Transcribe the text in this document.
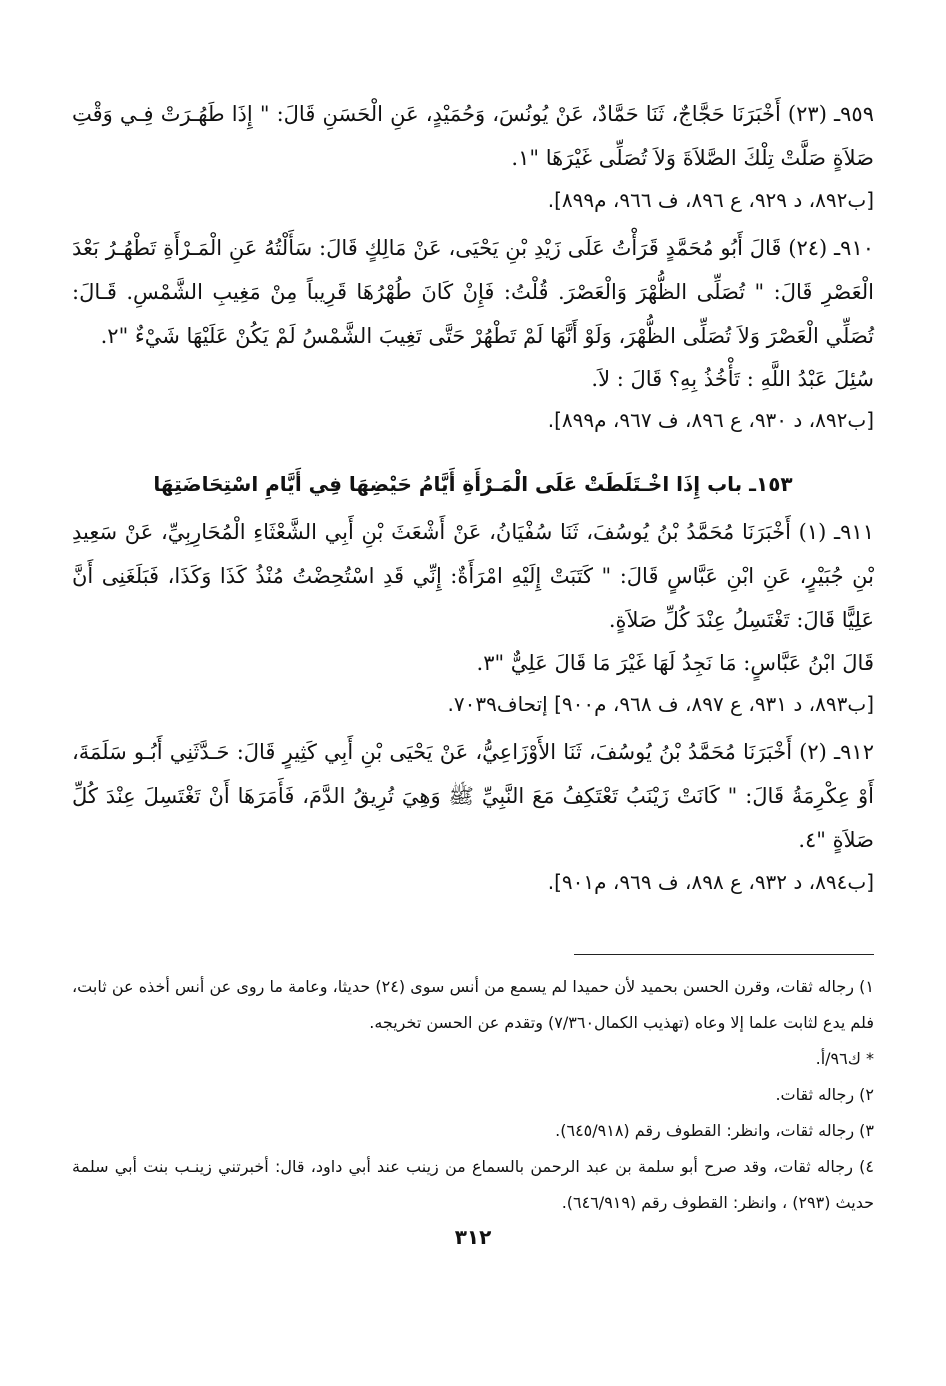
٩٥٩ـ (٢٣) أَخْبَرَنَا حَجَّاجٌ، ثَنَا حَمَّادٌ، عَنْ يُونُسَ، وَحُمَيْدٍ، عَنِ الْحَسَنِ قَالَ: " إِذَا طَهُـرَتْ فِـي وَقْتِ صَلاَةٍ صَلَّتْ تِلْكَ الصَّلاَةَ وَلاَ تُصَلِّى غَيْرَهَا "١.

[ب٨٩٢، د ٩٢٩، ع ٨٩٦، ف ٩٦٦، م٨٩٩].

٩١٠ـ (٢٤) قَالَ أَبُو مُحَمَّدٍ قَرَأْتُ عَلَى زَيْدِ بْنِ يَحْيَى، عَنْ مَالِكٍ قَالَ: سَأَلْتُهُ عَنِ الْمَـرْأَةِ تَطْهُـرُ بَعْدَ الْعَصْرِ قَالَ: " تُصَلِّى الظُّهْرَ وَالْعَصْرَ. قُلْتُ: فَإِنْ كَانَ طُهْرُهَا قَرِيباً مِنْ مَغِيبِ الشَّمْسِ. قَـالَ: تُصَلِّي الْعَصْرَ وَلاَ تُصَلِّى الظُّهْرَ، وَلَوْ أَنَّهَا لَمْ تَطْهُرْ حَتَّى تَغِيبَ الشَّمْسُ لَمْ يَكُنْ عَلَيْهَا شَيْءٌ "٢.

سُئِلَ عَبْدُ اللَّهِ : تَأْخُذُ بِهِ؟ قَالَ : لاَ.

[ب٨٩٢، د ٩٣٠، ع ٨٩٦، ف ٩٦٧، م٨٩٩].

١٥٣ـ باب إِذَا اخْـتَلَطَتْ عَلَى الْمَـرْأَةِ أَيَّامُ حَيْضِهَا فِي أَيَّامِ اسْتِحَاضَتِهَا

٩١١ـ (١) أَخْبَرَنَا مُحَمَّدُ بْنُ يُوسُفَ، ثَنَا سُفْيَانُ، عَنْ أَشْعَثَ بْنِ أَبِي الشَّعْثَاءِ الْمُحَارِبِيِّ، عَنْ سَعِيدِ بْنِ جُبَيْرٍ، عَنِ ابْنِ عَبَّاسٍ قَالَ: " كَتَبَتْ إِلَيْهِ امْرَأَةٌ: إِنِّي قَدِ اسْتُحِضْتُ مُنْذُ كَذَا وَكَذَا، فَبَلَغَنِى أَنَّ عَلِيًّا قَالَ: تَغْتَسِلُ عِنْدَ كُلِّ صَلاَةٍ.

قَالَ ابْنُ عَبَّاسٍ: مَا نَجِدُ لَهَا غَيْرَ مَا قَالَ عَلِيٌّ "٣.

[ب٨٩٣، د ٩٣١، ع ٨٩٧، ف ٩٦٨، م٩٠٠] إتحاف٧٠٣٩.

٩١٢ـ (٢) أَخْبَرَنَا مُحَمَّدُ بْنُ يُوسُفَ، ثَنَا الأَوْزَاعِيُّ، عَنْ يَحْيَى بْنِ أَبِي كَثِيرٍ قَالَ: حَـدَّثَنِي أَبُـو سَلَمَةَ، أَوْ عِكْرِمَةُ قَالَ: " كَانَتْ زَيْنَبُ تَعْتَكِفُ مَعَ النَّبِيِّ ﷺ وَهِيَ تُرِيقُ الدَّمَ، فَأَمَرَهَا أَنْ تَغْتَسِلَ عِنْدَ كُلِّ صَلاَةٍ "٤.

[ب٨٩٤، د ٩٣٢، ع ٨٩٨، ف ٩٦٩، م٩٠١].

١) رجاله ثقات، وقرن الحسن بحميد لأن حميدا لم يسمع من أنس سوى (٢٤) حديثا، وعامة ما روى عن أنس أخذه عن ثابت، فلم يدع لثابت علما إلا وعاه (تهذيب الكمال٧/٣٦٠) وتقدم عن الحسن تخريجه.

* ك٩٦/أ.

٢) رجاله ثقات.

٣) رجاله ثقات، وانظر: القطوف رقم (٦٤٥/٩١٨).

٤) رجاله ثقات، وقد صرح أبو سلمة بن عبد الرحمن بالسماع من زينب عند أبي داود، قال: أخبرتني زينـب بنت أبي سلمة حديث (٢٩٣) ، وانظر: القطوف رقم (٦٤٦/٩١٩).

٣١٢
